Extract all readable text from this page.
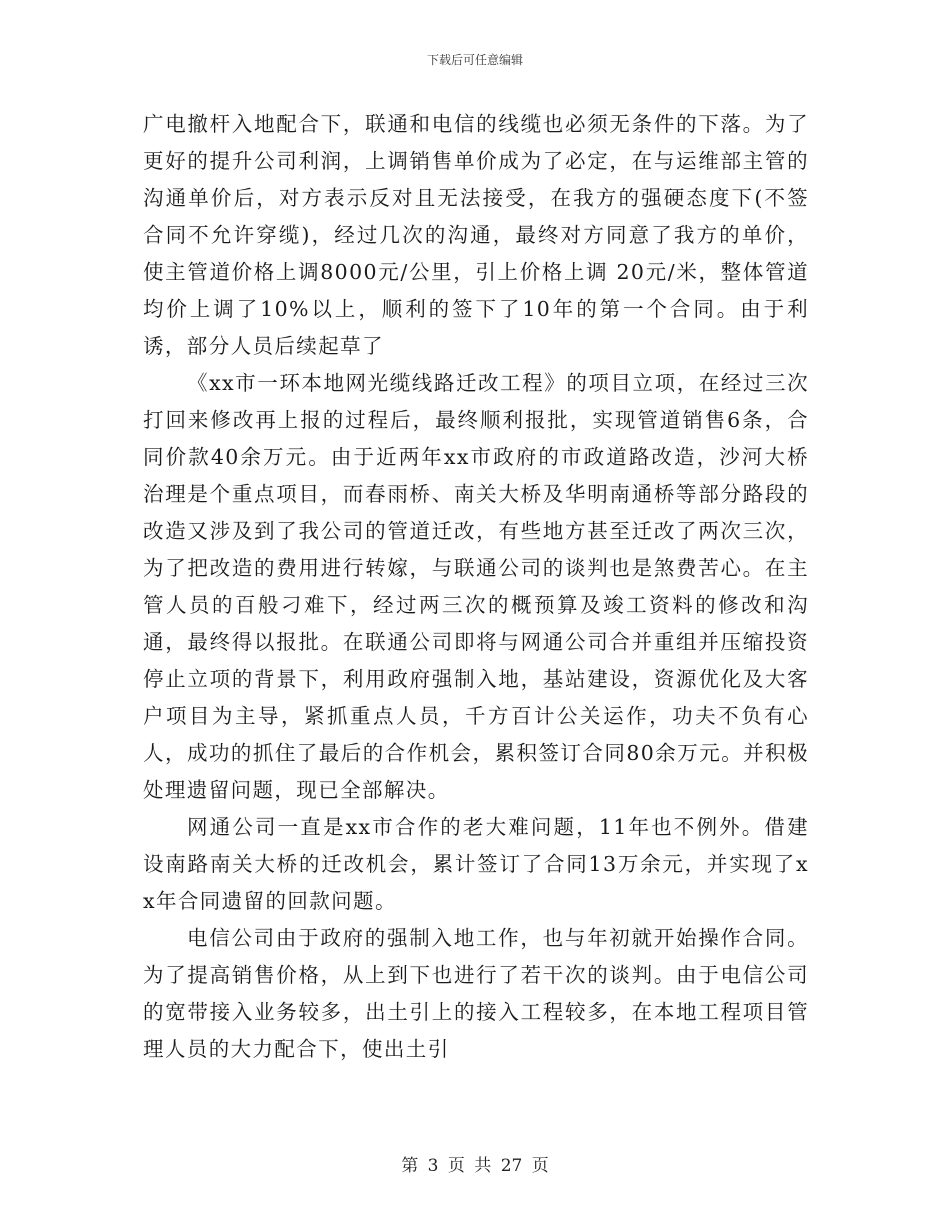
下载后可任意编辑

广电撤杆入地配合下，联通和电信的线缆也必须无条件的下落。为了更好的提升公司利润，上调销售单价成为了必定，在与运维部主管的沟通单价后，对方表示反对且无法接受，在我方的强硬态度下(不签合同不允许穿缆)，经过几次的沟通，最终对方同意了我方的单价，使主管道价格上调8000元/公里，引上价格上调 20元/米，整体管道均价上调了10%以上，顺利的签下了10年的第一个合同。由于利诱，部分人员后续起草了

《xx市一环本地网光缆线路迁改工程》的项目立项，在经过三次打回来修改再上报的过程后，最终顺利报批，实现管道销售6条，合同价款40余万元。由于近两年xx市政府的市政道路改造，沙河大桥治理是个重点项目，而春雨桥、南关大桥及华明南通桥等部分路段的改造又涉及到了我公司的管道迁改，有些地方甚至迁改了两次三次，为了把改造的费用进行转嫁，与联通公司的谈判也是煞费苦心。在主管人员的百般刁难下，经过两三次的概预算及竣工资料的修改和沟通，最终得以报批。在联通公司即将与网通公司合并重组并压缩投资停止立项的背景下，利用政府强制入地，基站建设，资源优化及大客户项目为主导，紧抓重点人员，千方百计公关运作，功夫不负有心人，成功的抓住了最后的合作机会，累积签订合同80余万元。并积极处理遗留问题，现已全部解决。

网通公司一直是xx市合作的老大难问题，11年也不例外。借建设南路南关大桥的迁改机会，累计签订了合同13万余元，并实现了xx年合同遗留的回款问题。

电信公司由于政府的强制入地工作，也与年初就开始操作合同。为了提高销售价格，从上到下也进行了若干次的谈判。由于电信公司的宽带接入业务较多，出土引上的接入工程较多，在本地工程项目管理人员的大力配合下，使出土引

第 3 页 共 27 页
